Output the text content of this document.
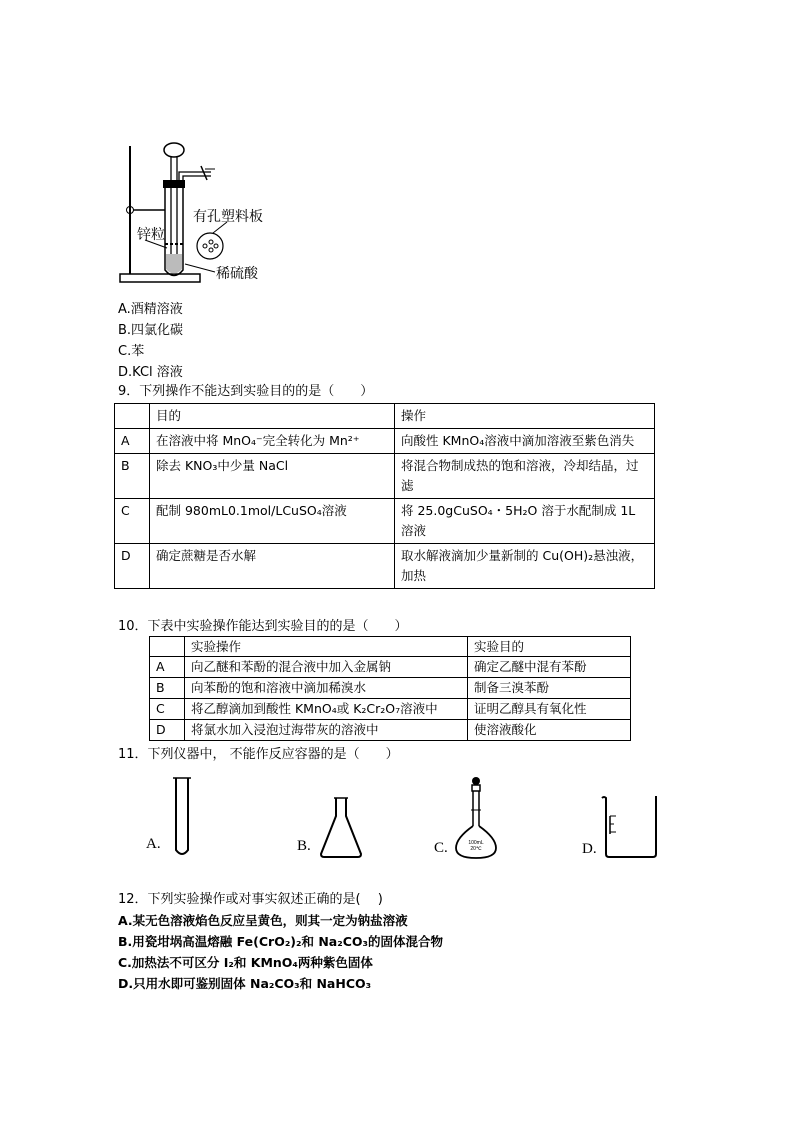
有孔塑料板
锌粒
稀硫酸
A.酒精溶液
B.四氯化碳
C.苯
D.KCl 溶液
9．下列操作不能达到实验目的的是（　　）
	目的	操作
A	在溶液中将 MnO₄⁻完全转化为 Mn²⁺	向酸性 KMnO₄溶液中滴加溶液至紫色消失
B	除去 KNO₃中少量 NaCl	将混合物制成热的饱和溶液，冷却结晶，过滤
C	配制 980mL0.1mol/LCuSO₄溶液	将 25.0gCuSO₄・5H₂O 溶于水配制成 1L 溶液
D	确定蔗糖是否水解	取水解液滴加少量新制的 Cu(OH)₂悬浊液，加热
10．下表中实验操作能达到实验目的的是（　　）
	实验操作	实验目的
A	向乙醚和苯酚的混合液中加入金属钠	确定乙醚中混有苯酚
B	向苯酚的饱和溶液中滴加稀溴水	制备三溴苯酚
C	将乙醇滴加到酸性 KMnO₄或 K₂Cr₂O₇溶液中	证明乙醇具有氧化性
D	将氯水加入浸泡过海带灰的溶液中	使溶液酸化
11．下列仪器中， 不能作反应容器的是（　　）
A.	B.	100mL
20℃
C.	D.
12．下列实验操作或对事实叙述正确的是(　 )
A.某无色溶液焰色反应呈黄色，则其一定为钠盐溶液
B.用瓷坩埚高温熔融 Fe(CrO₂)₂和 Na₂CO₃的固体混合物
C.加热法不可区分 I₂和 KMnO₄两种紫色固体
D.只用水即可鉴别固体 Na₂CO₃和 NaHCO₃
